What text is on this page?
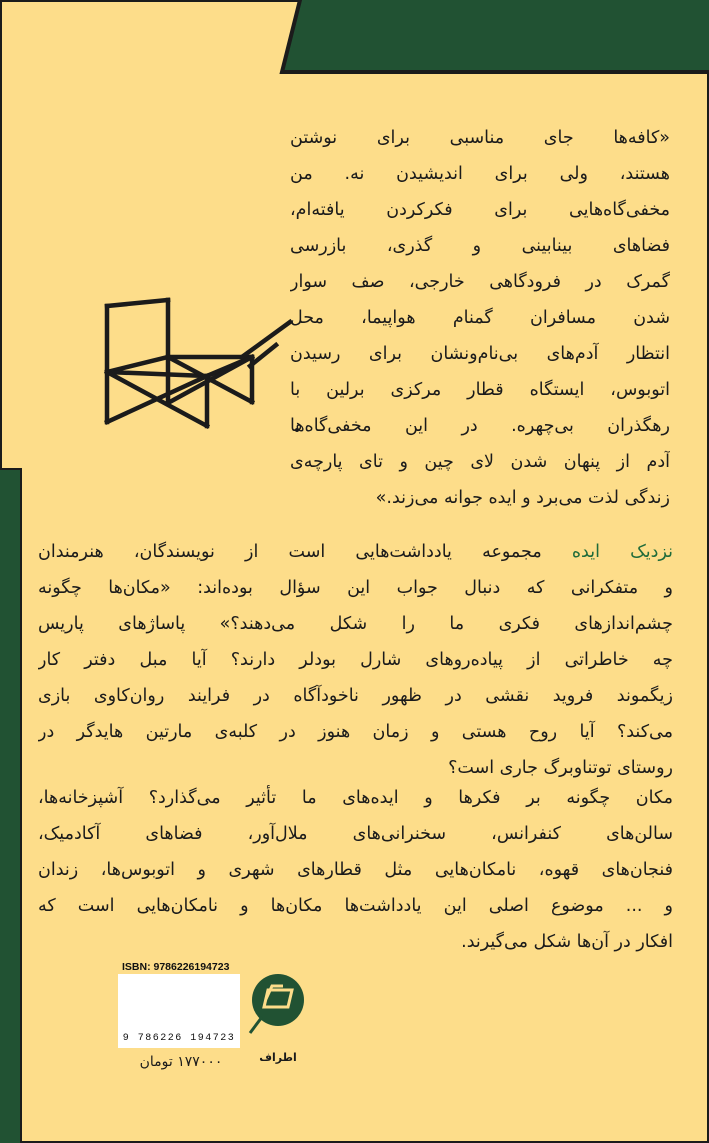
«کافه‌ها جای مناسبی برای نوشتن
هستند، ولی برای اندیشیدن نه. من
مخفی‌گاه‌هایی برای فکرکردن یافته‌ام،
فضاهای بینابینی و گذری، بازرسی
گمرک در فرودگاهی خارجی، صف سوار
شدن مسافران گمنام هواپیما، محل
انتظار آدم‌های بی‌نام‌ونشان برای رسیدن
اتوبوس، ایستگاه قطار مرکزی برلین با
رهگذران بی‌چهره. در این مخفی‌گاه‌ها
آدم از پنهان شدن لای چین و تای پارچه‌ی
زندگی لذت می‌برد و ایده جوانه می‌زند.»
نزدیک ایده مجموعه یادداشت‌هایی است از نویسندگان، هنرمندان
و متفکرانی که دنبال جواب این سؤال بوده‌اند: «مکان‌ها چگونه
چشم‌اندازهای فکری ما را شکل می‌دهند؟» پاساژهای پاریس
چه خاطراتی از پیاده‌روهای شارل بودلر دارند؟ آیا مبل دفتر کار
زیگموند فروید نقشی در ظهور ناخودآگاه در فرایند روان‌کاوی بازی
می‌کند؟ آیا روح هستی و زمان هنوز در کلبه‌ی مارتین هایدگر در
روستای توتناوبرگ جاری است؟
مکان چگونه بر فکرها و ایده‌های ما تأثیر می‌گذارد؟ آشپزخانه‌ها،
سالن‌های کنفرانس، سخنرانی‌های ملال‌آور، فضاهای آکادمیک،
فنجان‌های قهوه، نامکان‌هایی مثل قطارهای شهری و اتوبوس‌ها، زندان
و ... موضوع اصلی این یادداشت‌ها مکان‌ها و نامکان‌هایی است که
افکار در آن‌ها شکل می‌گیرند.
ISBN: 9786226194723
9 786226 194723
۱۷۷۰۰۰ تومان	اطراف
